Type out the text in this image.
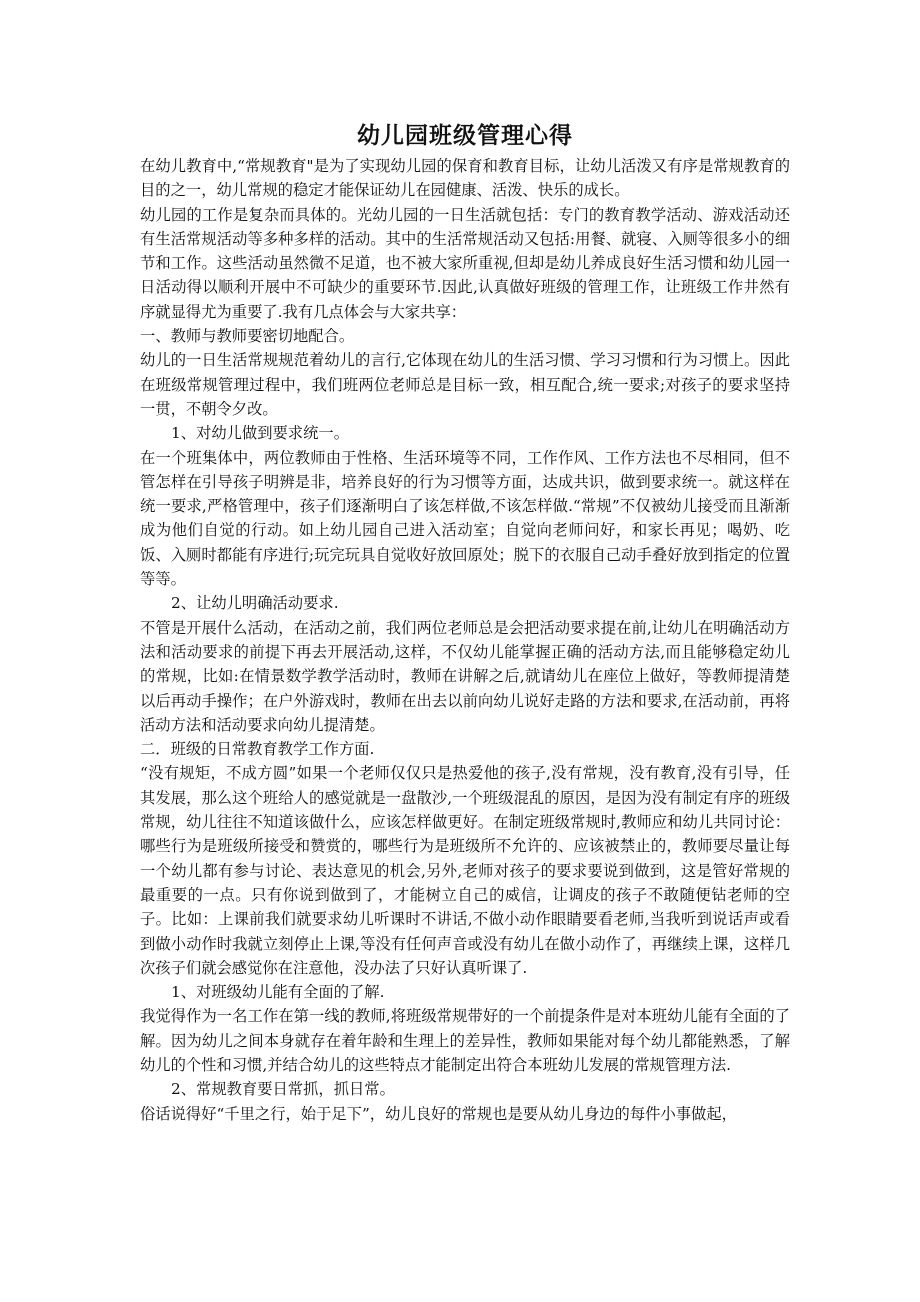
幼儿园班级管理心得

在幼儿教育中,“常规教育"是为了实现幼儿园的保育和教育目标，让幼儿活泼又有序是常规教育的目的之一，幼儿常规的稳定才能保证幼儿在园健康、活泼、快乐的成长。

幼儿园的工作是复杂而具体的。光幼儿园的一日生活就包括：专门的教育教学活动、游戏活动还有生活常规活动等多种多样的活动。其中的生活常规活动又包括:用餐、就寝、入厕等很多小的细节和工作。这些活动虽然微不足道，也不被大家所重视,但却是幼儿养成良好生活习惯和幼儿园一日活动得以顺利开展中不可缺少的重要环节.因此,认真做好班级的管理工作，让班级工作井然有序就显得尤为重要了.我有几点体会与大家共享：

一、教师与教师要密切地配合。

幼儿的一日生活常规规范着幼儿的言行,它体现在幼儿的生活习惯、学习习惯和行为习惯上。因此在班级常规管理过程中，我们班两位老师总是目标一致，相互配合,统一要求;对孩子的要求坚持一贯，不朝令夕改。

1、对幼儿做到要求统一。

在一个班集体中，两位教师由于性格、生活环境等不同，工作作风、工作方法也不尽相同，但不管怎样在引导孩子明辨是非，培养良好的行为习惯等方面，达成共识，做到要求统一。就这样在统一要求,严格管理中，孩子们逐渐明白了该怎样做,不该怎样做.“常规”不仅被幼儿接受而且渐渐成为他们自觉的行动。如上幼儿园自己进入活动室；自觉向老师问好，和家长再见；喝奶、吃饭、入厕时都能有序进行;玩完玩具自觉收好放回原处；脱下的衣服自己动手叠好放到指定的位置等等。

2、让幼儿明确活动要求.

不管是开展什么活动，在活动之前，我们两位老师总是会把活动要求提在前,让幼儿在明确活动方法和活动要求的前提下再去开展活动,这样，不仅幼儿能掌握正确的活动方法,而且能够稳定幼儿的常规，比如:在情景数学教学活动时，教师在讲解之后,就请幼儿在座位上做好，等教师提清楚以后再动手操作；在户外游戏时，教师在出去以前向幼儿说好走路的方法和要求,在活动前，再将活动方法和活动要求向幼儿提清楚。

二．班级的日常教育教学工作方面.

“没有规矩，不成方圆”如果一个老师仅仅只是热爱他的孩子,没有常规，没有教育,没有引导，任其发展，那么这个班给人的感觉就是一盘散沙,一个班级混乱的原因，是因为没有制定有序的班级常规，幼儿往往不知道该做什么，应该怎样做更好。在制定班级常规时,教师应和幼儿共同讨论：哪些行为是班级所接受和赞赏的，哪些行为是班级所不允许的、应该被禁止的，教师要尽量让每一个幼儿都有参与讨论、表达意见的机会,另外,老师对孩子的要求要说到做到，这是管好常规的最重要的一点。只有你说到做到了，才能树立自己的威信，让调皮的孩子不敢随便钻老师的空子。比如：上课前我们就要求幼儿听课时不讲话,不做小动作眼睛要看老师,当我听到说话声或看到做小动作时我就立刻停止上课,等没有任何声音或没有幼儿在做小动作了，再继续上课，这样几次孩子们就会感觉你在注意他，没办法了只好认真听课了.

1、对班级幼儿能有全面的了解.

我觉得作为一名工作在第一线的教师,将班级常规带好的一个前提条件是对本班幼儿能有全面的了解。因为幼儿之间本身就存在着年龄和生理上的差异性，教师如果能对每个幼儿都能熟悉，了解幼儿的个性和习惯,并结合幼儿的这些特点才能制定出符合本班幼儿发展的常规管理方法.

2、常规教育要日常抓，抓日常。

俗话说得好“千里之行，始于足下”，幼儿良好的常规也是要从幼儿身边的每件小事做起，
